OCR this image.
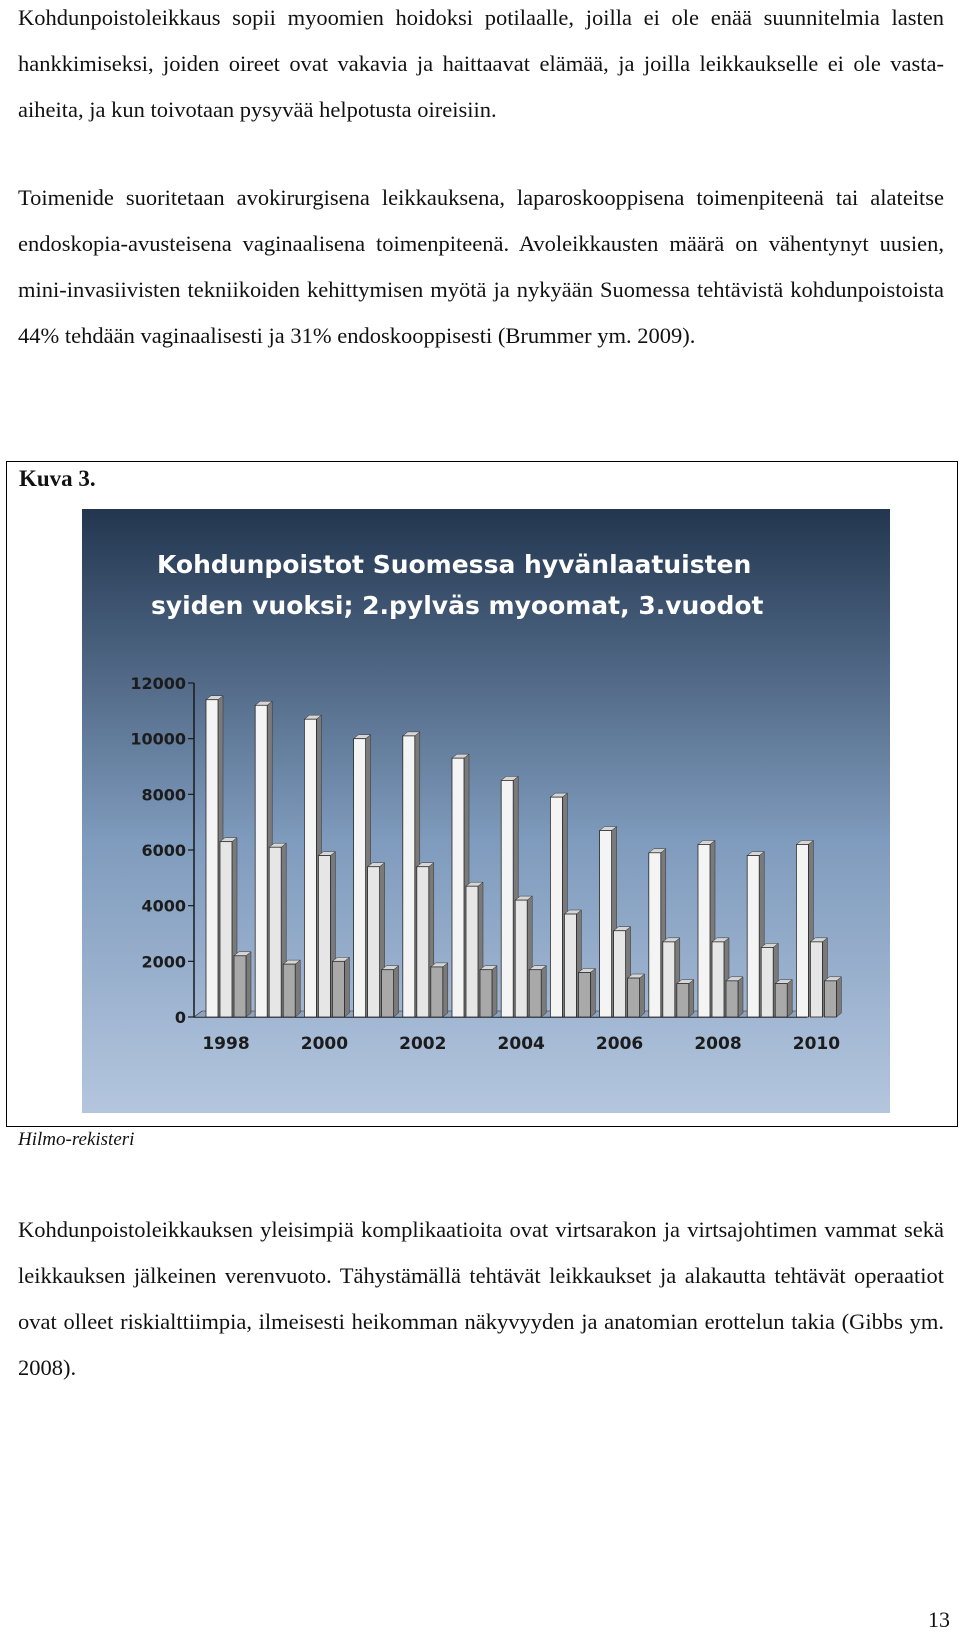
Kohdunpoistoleikkaus sopii myoomien hoidoksi potilaalle, joilla ei ole enää suunnitelmia lasten hankkimiseksi, joiden oireet ovat vakavia ja haittaavat elämää, ja joilla leikkaukselle ei ole vasta-aiheita, ja kun toivotaan pysyvää helpotusta oireisiin.

Toimenide suoritetaan avokirurgisena leikkauksena, laparoskooppisena toimenpiteenä tai alateitse endoskopia-avusteisena vaginaalisena toimenpiteenä. Avoleikkausten määrä on vähentynyt uusien, mini-invasiivisten tekniikoiden kehittymisen myötä ja nykyään Suomessa tehtävistä kohdunpoistoista 44% tehdään vaginaalisesti ja 31% endoskooppisesti (Brummer ym. 2009).

Kuva 3.
Kohdunpoistot Suomessa hyvänlaatuisten
syiden vuoksi; 2.pylväs myoomat, 3.vuodot
0
2000
4000
6000
8000
10000
12000
1998	2000	2002	2004	2006	2008	2010
Hilmo-rekisteri

Kohdunpoistoleikkauksen yleisimpiä komplikaatioita ovat virtsarakon ja virtsajohtimen vammat sekä leikkauksen jälkeinen verenvuoto. Tähystämällä tehtävät leikkaukset ja alakautta tehtävät operaatiot ovat olleet riskialttiimpia, ilmeisesti heikomman näkyvyyden ja anatomian erottelun takia (Gibbs ym. 2008).

13
